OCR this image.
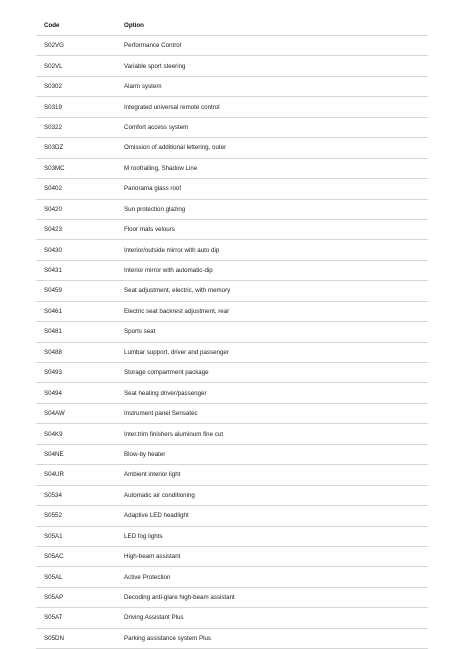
Code	Option
S02VG	Performance Control
S02VL	Variable sport steering
S0302	Alarm system
S0319	Integrated universal remote control
S0322	Comfort access system
S03DZ	Omission of additional lettering, outer
S03MC	M roofrailing, Shadow Line
S0402	Panorama glass roof
S0420	Sun protection glazing
S0423	Floor mats velours
S0430	Interior/outside mirror with auto dip
S0431	Interior mirror with automatic-dip
S0459	Seat adjustment, electric, with memory
S0461	Electric seat backrest adjustment, rear
S0481	Sports seat
S0488	Lumbar support, driver and passenger
S0493	Storage compartment package
S0494	Seat heating driver/passenger
S04AW	Instrument panel Sensatec
S04K9	Inter.trim finishers aluminum fine cut
S04NE	Blow-by heater
S04UR	Ambient interior light
S0534	Automatic air conditioning
S0552	Adaptive LED headlight
S05A1	LED fog lights
S05AC	High-beam assistant
S05AL	Active Protection
S05AP	Decoding anti-glare high-beam assistant
S05AT	Driving Assistant Plus
S05DN	Parking assistance system Plus
